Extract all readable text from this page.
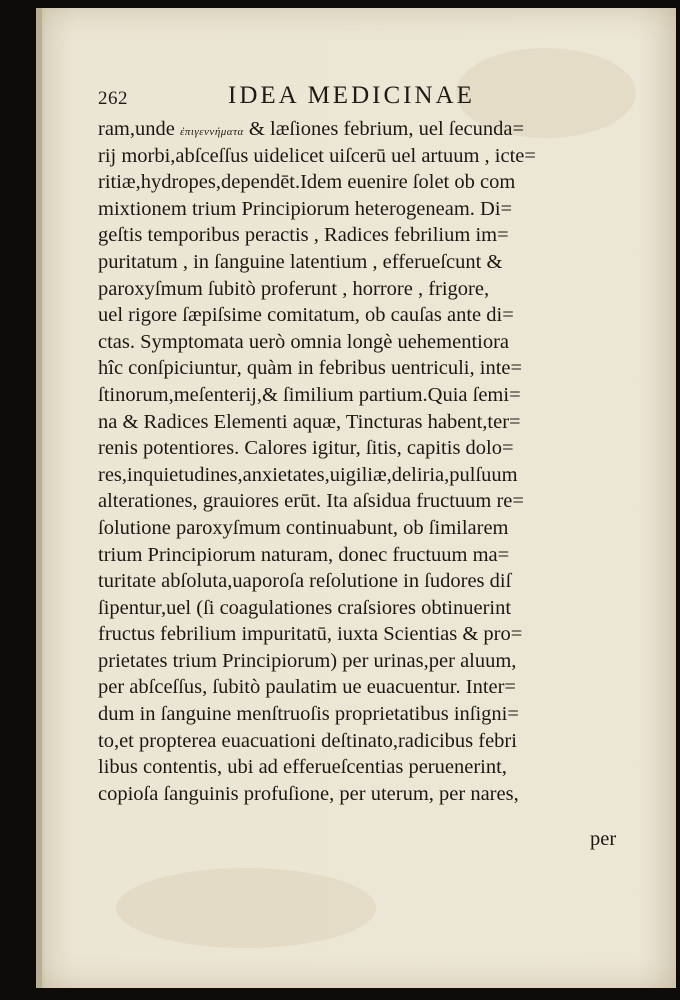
262	IDEA MEDICINAE
ram,unde ἐπιγεννήματα & læſiones febrium, uel ſecunda=
rij morbi,abſceſſus uidelicet uiſcerū uel artuum , icte=
ritiæ,hydropes,dependēt.Idem euenire ſolet ob com
mixtionem trium Principiorum heterogeneam. Di=
geſtis temporibus peractis , Radices febrilium im=
puritatum , in ſanguine latentium , efferueſcunt &
paroxyſmum ſubitò proferunt , horrore , frigore,
uel rigore ſæpiſsime comitatum, ob cauſas ante di=
ctas. Symptomata uerò omnia longè uehementiora
hîc conſpiciuntur, quàm in febribus uentriculi, inte=
ſtinorum,meſenterij,& ſimilium partium.Quia ſemi=
na & Radices Elementi aquæ, Tincturas habent,ter=
renis potentiores. Calores igitur, ſitis, capitis dolo=
res,inquietudines,anxietates,uigiliæ,deliria,pulſuum
alterationes, grauiores erūt. Ita aſsidua fructuum re=
ſolutione paroxyſmum continuabunt, ob ſimilarem
trium Principiorum naturam, donec fructuum ma=
turitate abſoluta,uaporoſa reſolutione in ſudores diſ
ſipentur,uel (ſi coagulationes craſsiores obtinuerint
fructus febrilium impuritatū, iuxta Scientias & pro=
prietates trium Principiorum) per urinas,per aluum,
per abſceſſus, ſubitò paulatim ue euacuentur. Inter=
dum in ſanguine menſtruoſis proprietatibus inſigni=
to,et propterea euacuationi deſtinato,radicibus febri
libus contentis, ubi ad efferueſcentias peruenerint,
copioſa ſanguinis profuſione, per uterum, per nares,
per
